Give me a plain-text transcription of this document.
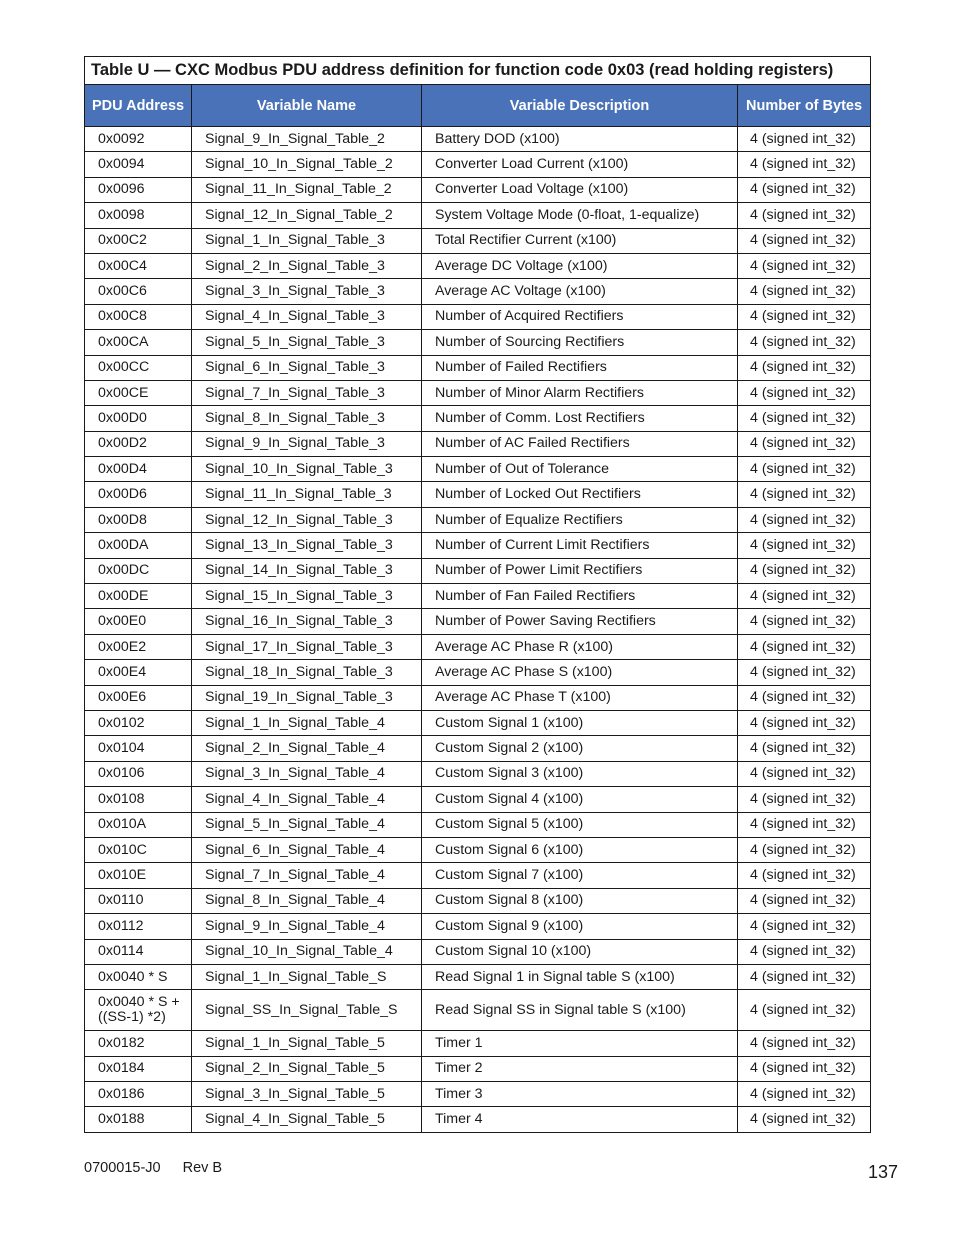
Table U — CXC Modbus PDU address definition for function code 0x03 (read holding registers)			
PDU Address	Variable Name	Variable Description	Number of Bytes
0x0092	Signal_9_In_Signal_Table_2	Battery DOD (x100)	4 (signed int_32)
0x0094	Signal_10_In_Signal_Table_2	Converter Load Current (x100)	4 (signed int_32)
0x0096	Signal_11_In_Signal_Table_2	Converter Load Voltage (x100)	4 (signed int_32)
0x0098	Signal_12_In_Signal_Table_2	System Voltage Mode (0-float, 1-equalize)	4 (signed int_32)
0x00C2	Signal_1_In_Signal_Table_3	Total Rectifier Current (x100)	4 (signed int_32)
0x00C4	Signal_2_In_Signal_Table_3	Average DC Voltage (x100)	4 (signed int_32)
0x00C6	Signal_3_In_Signal_Table_3	Average AC Voltage (x100)	4 (signed int_32)
0x00C8	Signal_4_In_Signal_Table_3	Number of Acquired Rectifiers	4 (signed int_32)
0x00CA	Signal_5_In_Signal_Table_3	Number of Sourcing Rectifiers	4 (signed int_32)
0x00CC	Signal_6_In_Signal_Table_3	Number of Failed Rectifiers	4 (signed int_32)
0x00CE	Signal_7_In_Signal_Table_3	Number of Minor Alarm Rectifiers	4 (signed int_32)
0x00D0	Signal_8_In_Signal_Table_3	Number of Comm. Lost Rectifiers	4 (signed int_32)
0x00D2	Signal_9_In_Signal_Table_3	Number of AC Failed Rectifiers	4 (signed int_32)
0x00D4	Signal_10_In_Signal_Table_3	Number of Out of Tolerance	4 (signed int_32)
0x00D6	Signal_11_In_Signal_Table_3	Number of Locked Out Rectifiers	4 (signed int_32)
0x00D8	Signal_12_In_Signal_Table_3	Number of Equalize Rectifiers	4 (signed int_32)
0x00DA	Signal_13_In_Signal_Table_3	Number of Current Limit Rectifiers	4 (signed int_32)
0x00DC	Signal_14_In_Signal_Table_3	Number of Power Limit Rectifiers	4 (signed int_32)
0x00DE	Signal_15_In_Signal_Table_3	Number of Fan Failed Rectifiers	4 (signed int_32)
0x00E0	Signal_16_In_Signal_Table_3	Number of Power Saving Rectifiers	4 (signed int_32)
0x00E2	Signal_17_In_Signal_Table_3	Average AC Phase R (x100)	4 (signed int_32)
0x00E4	Signal_18_In_Signal_Table_3	Average AC Phase S (x100)	4 (signed int_32)
0x00E6	Signal_19_In_Signal_Table_3	Average AC Phase T (x100)	4 (signed int_32)
0x0102	Signal_1_In_Signal_Table_4	Custom Signal 1 (x100)	4 (signed int_32)
0x0104	Signal_2_In_Signal_Table_4	Custom Signal 2 (x100)	4 (signed int_32)
0x0106	Signal_3_In_Signal_Table_4	Custom Signal 3 (x100)	4 (signed int_32)
0x0108	Signal_4_In_Signal_Table_4	Custom Signal 4 (x100)	4 (signed int_32)
0x010A	Signal_5_In_Signal_Table_4	Custom Signal 5 (x100)	4 (signed int_32)
0x010C	Signal_6_In_Signal_Table_4	Custom Signal 6 (x100)	4 (signed int_32)
0x010E	Signal_7_In_Signal_Table_4	Custom Signal 7 (x100)	4 (signed int_32)
0x0110	Signal_8_In_Signal_Table_4	Custom Signal 8 (x100)	4 (signed int_32)
0x0112	Signal_9_In_Signal_Table_4	Custom Signal 9 (x100)	4 (signed int_32)
0x0114	Signal_10_In_Signal_Table_4	Custom Signal 10 (x100)	4 (signed int_32)
0x0040 * S	Signal_1_In_Signal_Table_S	Read Signal 1 in Signal table S (x100)	4 (signed int_32)
0x0040 * S + ((SS-1) *2)	Signal_SS_In_Signal_Table_S	Read Signal SS in Signal table S (x100)	4 (signed int_32)
0x0182	Signal_1_In_Signal_Table_5	Timer 1	4 (signed int_32)
0x0184	Signal_2_In_Signal_Table_5	Timer 2	4 (signed int_32)
0x0186	Signal_3_In_Signal_Table_5	Timer 3	4 (signed int_32)
0x0188	Signal_4_In_Signal_Table_5	Timer 4	4 (signed int_32)
0700015-J0 Rev B	137
